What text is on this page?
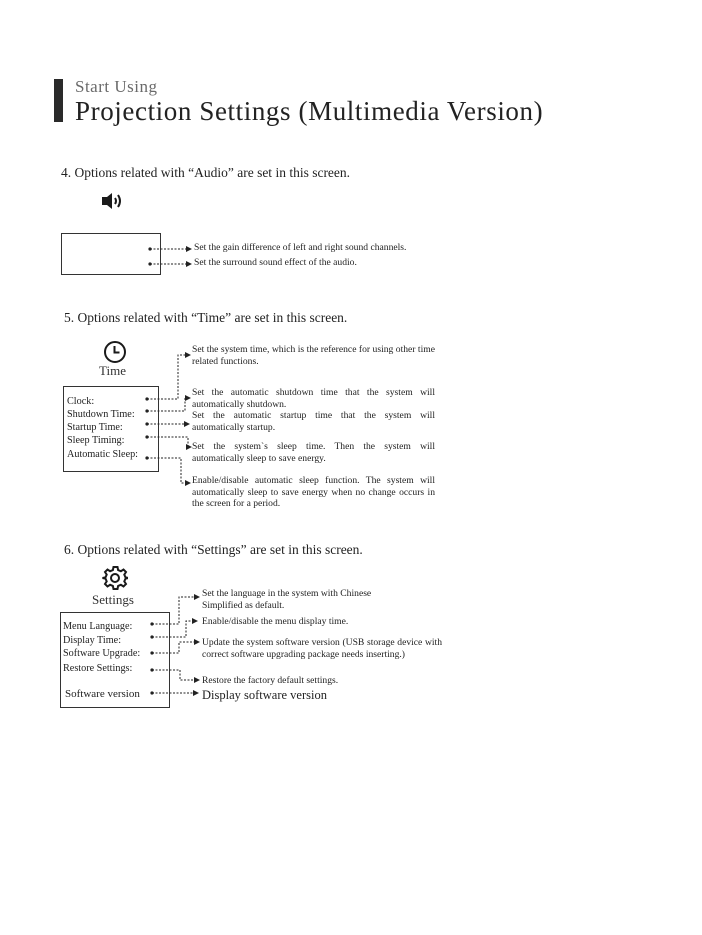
Start Using
Projection Settings (Multimedia Version)
4. Options related with “Audio” are set in this screen.
Set the gain difference of left and right sound channels.
Set the surround sound effect of the audio.
5. Options related with “Time” are set in this screen.
Time
Clock:
Shutdown Time:
Startup Time:
Sleep Timing:
Automatic Sleep:
Set the system time, which is the reference for using other time related functions.
Set the automatic shutdown time that the system will automatically shutdown.
Set the automatic startup time that the system will automatically startup.
Set the system`s sleep time. Then the system will automatically sleep to save energy.
Enable/disable automatic sleep function. The system will automatically sleep to save energy when no change occurs in the screen for a period.
6. Options related with “Settings” are set in this screen.
Settings
Menu Language:
Display Time:
Software Upgrade:
Restore Settings:
Software version
Set the language in the system with Chinese Simplified as default.
Enable/disable the menu display time.
Update the system software version (USB storage device with correct software upgrading package needs inserting.)
Restore the factory default settings.
Display software version
